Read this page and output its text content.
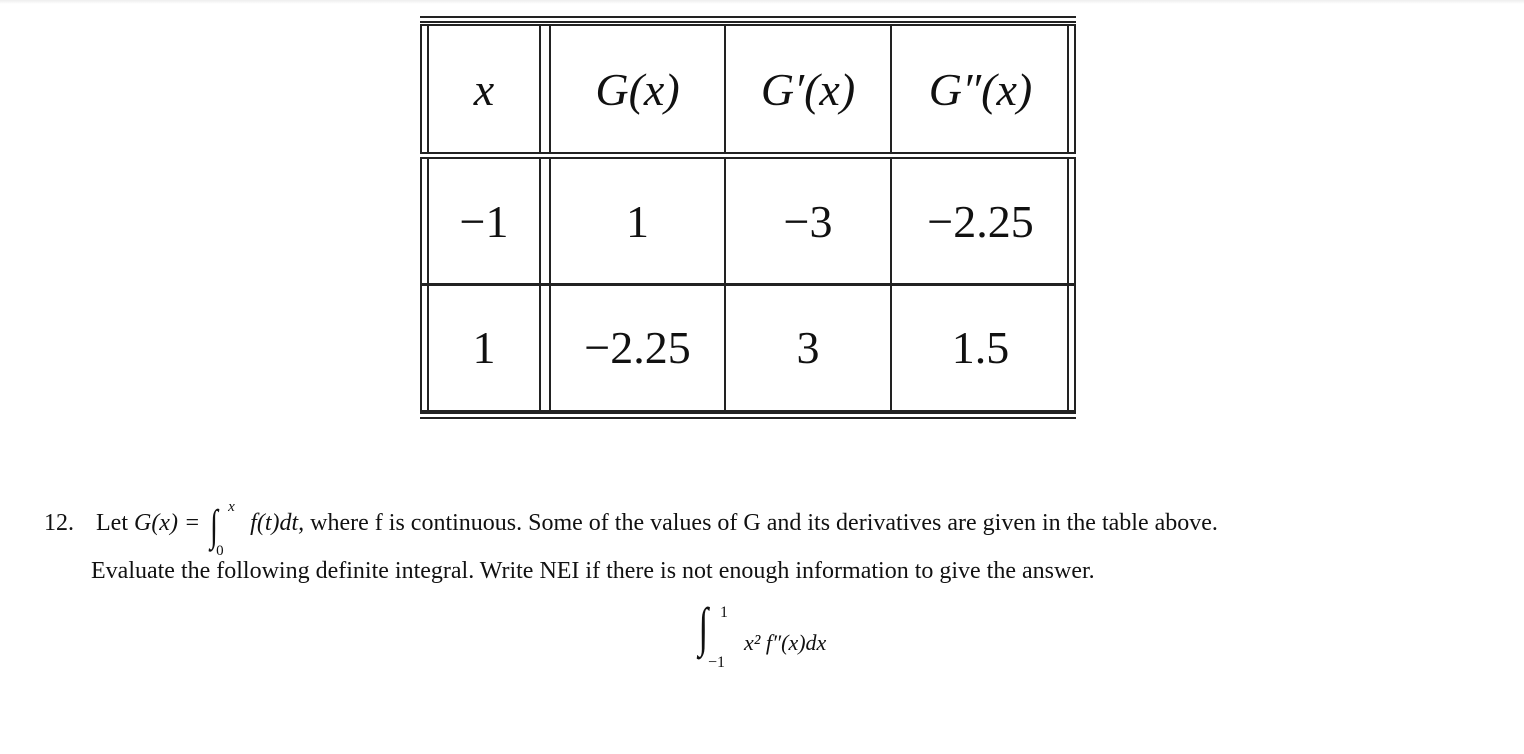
x	G(x)	G′(x)	G″(x)
−1	1	−3	−2.25
1	−2.25	3	1.5
12. Let G(x) = ∫ x
0
f(t)dt, where f is continuous. Some of the values of G and its derivatives are given in the table above.
Evaluate the following definite integral. Write NEI if there is not enough information to give the answer.
∫ 1
−1
x² f″(x)dx
